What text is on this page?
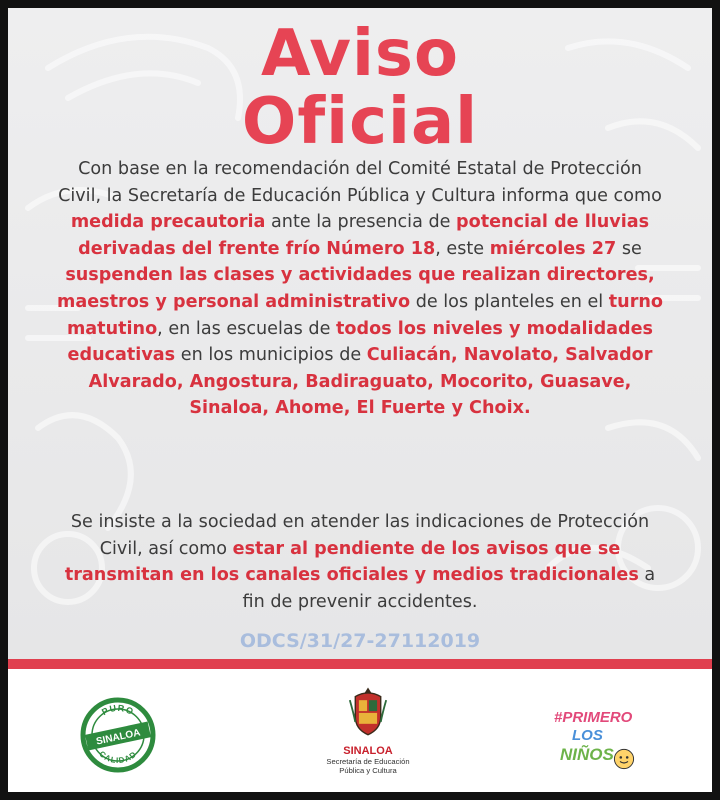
Aviso
Oficial
Con base en la recomendación del Comité Estatal de Protección Civil, la Secretaría de Educación Pública y Cultura informa que como medida precautoria ante la presencia de potencial de lluvias derivadas del frente frío Número 18, este miércoles 27 se suspenden las clases y actividades que realizan directores, maestros y personal administrativo de los planteles en el turno matutino, en las escuelas de todos los niveles y modalidades educativas en los municipios de Culiacán, Navolato, Salvador Alvarado, Angostura, Badiraguato, Mocorito, Guasave, Sinaloa, Ahome, El Fuerte y Choix.
Se insiste a la sociedad en atender las indicaciones de Protección Civil, así como estar al pendiente de los avisos que se transmitan en los canales oficiales y medios tradicionales a fin de prevenir accidentes.
ODCS/31/27-27112019
PURO
SINALOA
CALIDAD	SINALOA
Secretaría de Educación
Pública y Cultura
#PRIMERO
LOS
NIÑOS
